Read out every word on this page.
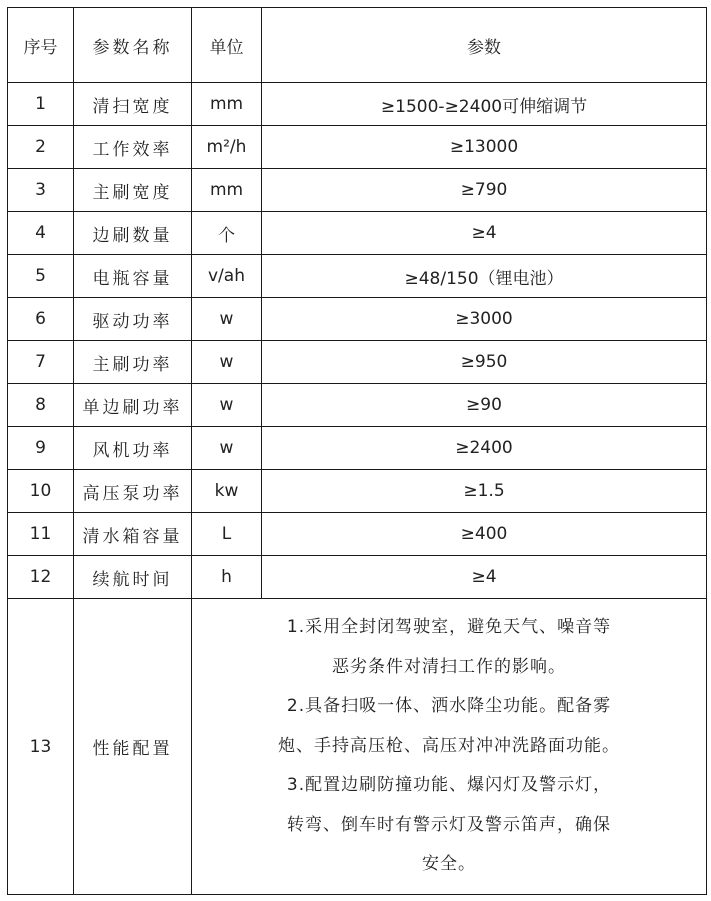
序号	参数名称	单位	参数
1	清扫宽度	mm	≥1500-≥2400可伸缩调节
2	工作效率	m²/h	≥13000
3	主刷宽度	mm	≥790
4	边刷数量	个	≥4
5	电瓶容量	v/ah	≥48/150（锂电池）
6	驱动功率	w	≥3000
7	主刷功率	w	≥950
8	单边刷功率	w	≥90
9	风机功率	w	≥2400
10	高压泵功率	kw	≥1.5
11	清水箱容量	L	≥400
12	续航时间	h	≥4
13	性能配置	
1.采用全封闭驾驶室，避免天气、噪音等
恶劣条件对清扫工作的影响。
2.具备扫吸一体、洒水降尘功能。配备雾
炮、手持高压枪、高压对冲冲洗路面功能。
3.配置边刷防撞功能、爆闪灯及警示灯，
转弯、倒车时有警示灯及警示笛声，确保
安全。
